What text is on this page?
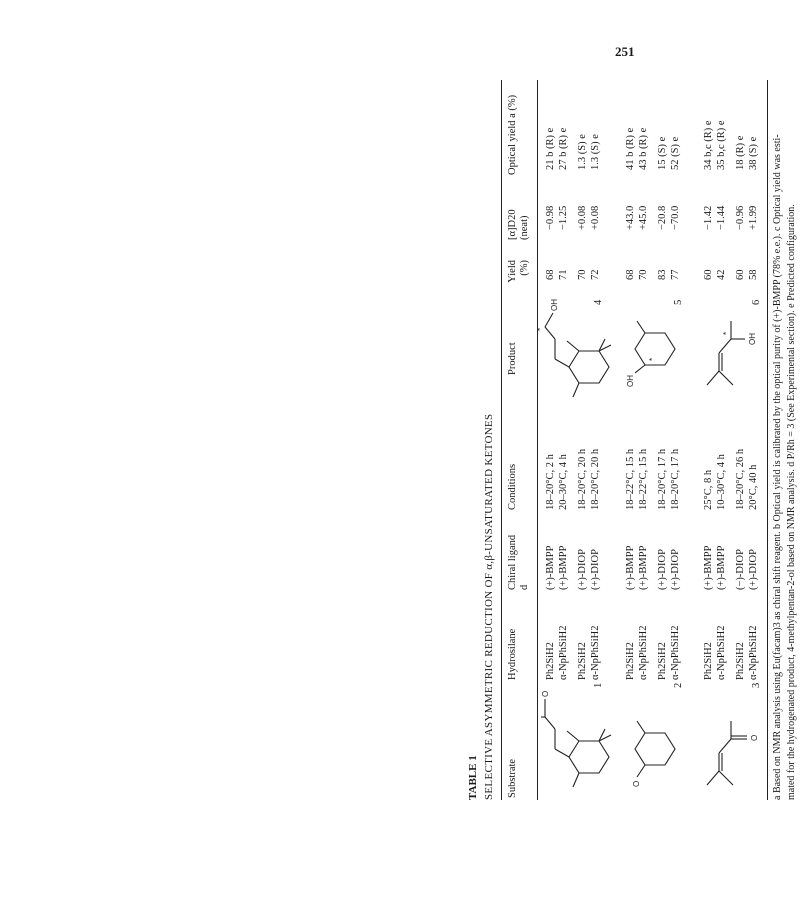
251
TABLE 1 SELECTIVE ASYMMETRIC REDUCTION OF α,β-UNSATURATED KETONES Substrate
Hydrosilane
Chiral ligand d
Conditions
Product
Yield (%)
[α]D20 (neat)
Optical yield a (%)
O
1
*
OH	4
Ph2SiH2
(+)-BMPP
18–20°C, 2 h
68
−0.98
21 b (R) e
α-NpPhSiH2
(+)-BMPP
20–30°C, 4 h
71
−1.25
27 b (R) e
Ph2SiH2
(+)-DIOP
18–20°C, 20 h
70
+0.08
1.3 (S) e
α-NpPhSiH2
(+)-DIOP
18–20°C, 20 h
72
+0.08
1.3 (S) e
O
2
*
OH
5
Ph2SiH2
(+)-BMPP
18–22°C, 15 h
68
+43.0
41 b (R) e
α-NpPhSiH2
(+)-BMPP
18–22°C, 15 h
70
+45.0
43 b (R) e
Ph2SiH2
(+)-DIOP
18–20°C, 17 h
83
−20.8
15 (S) e
α-NpPhSiH2
(+)-DIOP
18–20°C, 17 h
77
−70.0
52 (S) e
O
3
* OH
6
Ph2SiH2
(+)-BMPP
25°C, 8 h
60
−1.42
34 b,c (R) e
α-NpPhSiH2
(+)-BMPP
10–30°C, 4 h
42
−1.44
35 b,c (R) e
Ph2SiH2
(−)-DIOP
18–20°C, 26 h
60
−0.96
18 (R) e
α-NpPhSiH2
(+)-DIOP
20°C, 40 h
58
+1.99
38 (S) e a Based on NMR analysis using Eu(facam)3 as chiral shift reagent. b Optical yield is calibrated by the optical purity of (+)-BMPP (78% e.e.). c Optical yield was esti- mated for the hydrogenated product, 4-methylpentan-2-ol based on NMR analysis. d P/Rh = 3 (See Experimental section). e Predicted configuration.
